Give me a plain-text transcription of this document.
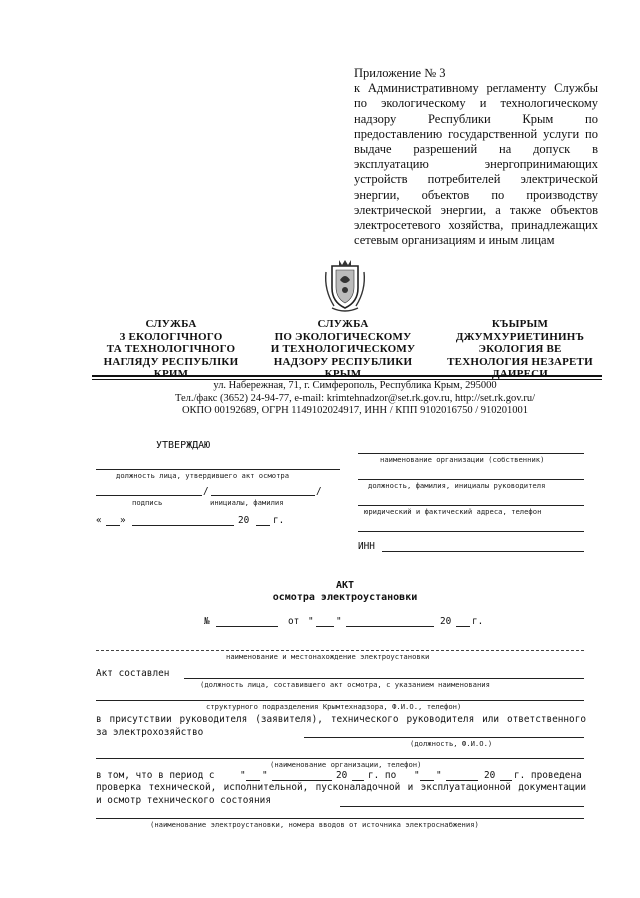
Приложение № 3

к Административному регламенту Службы по экологическому и технологическому надзору Республики Крым по предоставлению государственной услуги по выдаче разрешений на допуск в эксплуатацию энергопринимающих устройств потребителей электрической энергии, объектов по производству электрической энергии, а также объектов электросетевого хозяйства, принадлежащих сетевым организациям и иным лицам
СЛУЖБА
З ЕКОЛОГІЧНОГО
ТА ТЕХНОЛОГІЧНОГО
НАГЛЯДУ РЕСПУБЛІКИ
СЛУЖБА
ПО ЭКОЛОГИЧЕСКОМУ
И ТЕХНОЛОГИЧЕСКОМУ
НАДЗОРУ РЕСПУБЛИКИ
КЪЫРЫМ
ДЖУМХУРИЕТИНИНЪ
ЭКОЛОГИЯ ВЕ
ТЕХНОЛОГИЯ НЕЗАРЕТИ
ул. Набережная, 71, г. Симферополь, Республика Крым, 295000
Тел./факс (3652) 24-94-77, e-mail: krimtehnadzor@set.rk.gov.ru, http://set.rk.gov.ru/
ОКПО 00192689, ОГРН 1149102024917, ИНН / КПП 9102016750 / 910201001
УТВЕРЖДАЮ
должность лица, утвердившего акт осмотра
/	/
подпись	инициалы, фамилия
« »	20	г.
наименование организации (собственник)
должность, фамилия, инициалы руководителя
юридический и фактический адреса, телефон
ИНН
АКТ
осмотра электроустановки
№	от " "	20 г.
наименование и местонахождение электроустановки
Акт составлен
(должность лица, составившего акт осмотра, с указанием наименования
структурного подразделения Крымтехнадзора, Ф.И.О., телефон)
в присутствии руководителя (заявителя), технического руководителя или ответственного за электрохозяйство
(должность, Ф.И.О.)
(наименование организации, телефон)
в том, что в период с	" "	20 г. по " "	20 г. проведена
проверка технической, исполнительной, пусконаладочной и эксплуатационной документации и осмотр технического состояния
(наименование электроустановки, номера вводов от источника электроснабжения)
